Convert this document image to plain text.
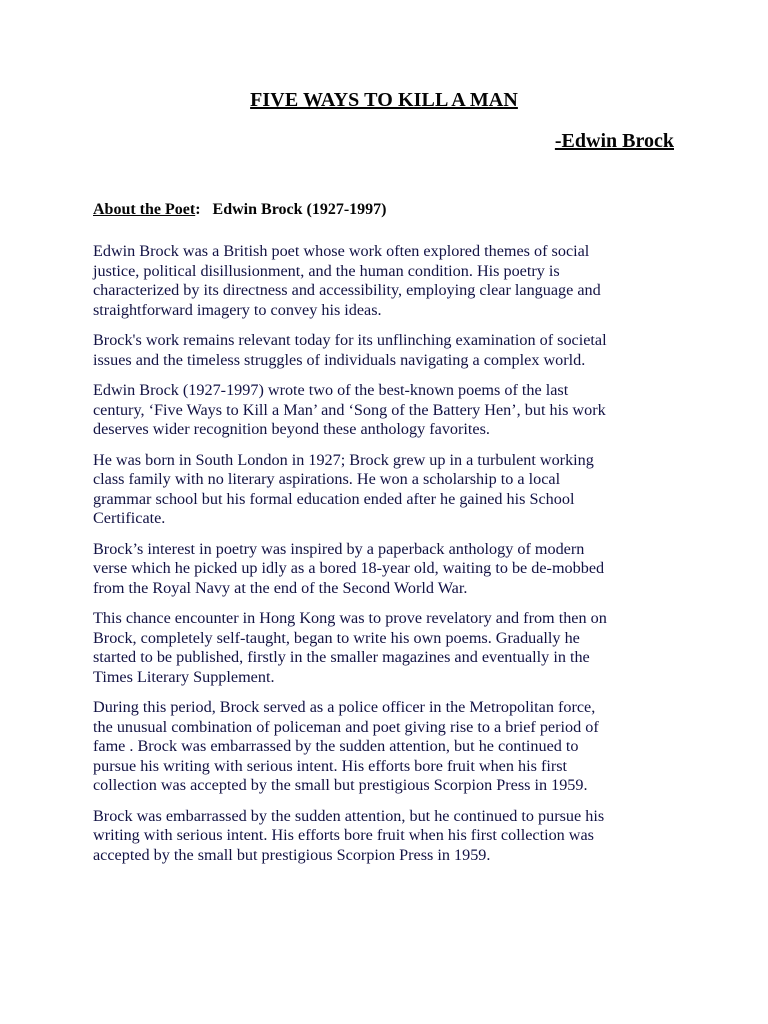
FIVE WAYS TO KILL A MAN
-Edwin Brock
About the Poet: Edwin Brock (1927-1997)
Edwin Brock was a British poet whose work often explored themes of social
justice, political disillusionment, and the human condition. His poetry is
characterized by its directness and accessibility, employing clear language and
straightforward imagery to convey his ideas.
Brock's work remains relevant today for its unflinching examination of societal
issues and the timeless struggles of individuals navigating a complex world.
Edwin Brock (1927-1997) wrote two of the best-known poems of the last
century, ‘Five Ways to Kill a Man’ and ‘Song of the Battery Hen’, but his work
deserves wider recognition beyond these anthology favorites.
He was born in South London in 1927; Brock grew up in a turbulent working
class family with no literary aspirations. He won a scholarship to a local
grammar school but his formal education ended after he gained his School
Certificate.
Brock’s interest in poetry was inspired by a paperback anthology of modern
verse which he picked up idly as a bored 18-year old, waiting to be de-mobbed
from the Royal Navy at the end of the Second World War.
This chance encounter in Hong Kong was to prove revelatory and from then on
Brock, completely self-taught, began to write his own poems. Gradually he
started to be published, firstly in the smaller magazines and eventually in the
Times Literary Supplement.
During this period, Brock served as a police officer in the Metropolitan force,
the unusual combination of policeman and poet giving rise to a brief period of
fame . Brock was embarrassed by the sudden attention, but he continued to
pursue his writing with serious intent. His efforts bore fruit when his first
collection was accepted by the small but prestigious Scorpion Press in 1959.
Brock was embarrassed by the sudden attention, but he continued to pursue his
writing with serious intent. His efforts bore fruit when his first collection was
accepted by the small but prestigious Scorpion Press in 1959.
